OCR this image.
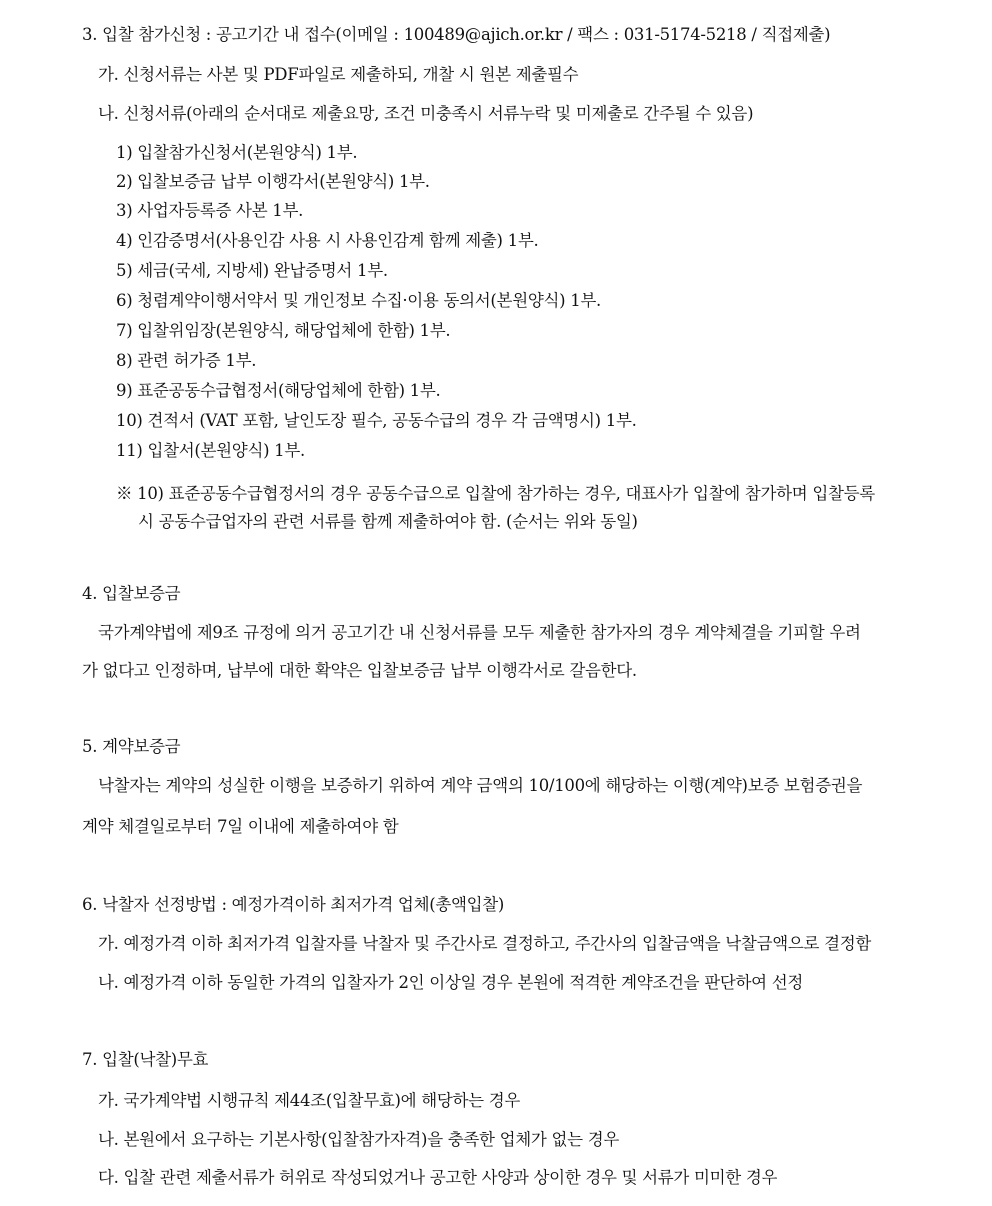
3. 입찰 참가신청 : 공고기간 내 접수(이메일 : 100489@ajich.or.kr / 팩스 : 031-5174-5218 / 직접제출)
가. 신청서류는 사본 및 PDF파일로 제출하되, 개찰 시 원본 제출필수
나. 신청서류(아래의 순서대로 제출요망, 조건 미충족시 서류누락 및 미제출로 간주될 수 있음)
1) 입찰참가신청서(본원양식) 1부.
2) 입찰보증금 납부 이행각서(본원양식) 1부.
3) 사업자등록증 사본 1부.
4) 인감증명서(사용인감 사용 시 사용인감계 함께 제출) 1부.
5) 세금(국세, 지방세) 완납증명서 1부.
6) 청렴계약이행서약서 및 개인정보 수집·이용 동의서(본원양식) 1부.
7) 입찰위임장(본원양식, 해당업체에 한함) 1부.
8) 관련 허가증 1부.
9) 표준공동수급협정서(해당업체에 한함) 1부.
10) 견적서 (VAT 포함, 날인도장 필수, 공동수급의 경우 각 금액명시) 1부.
11) 입찰서(본원양식) 1부.
※ 10) 표준공동수급협정서의 경우 공동수급으로 입찰에 참가하는 경우, 대표사가 입찰에 참가하며 입찰등록
시 공동수급업자의 관련 서류를 함께 제출하여야 함. (순서는 위와 동일)
4. 입찰보증금
국가계약법에 제9조 규정에 의거 공고기간 내 신청서류를 모두 제출한 참가자의 경우 계약체결을 기피할 우려
가 없다고 인정하며, 납부에 대한 확약은 입찰보증금 납부 이행각서로 갈음한다.
5. 계약보증금
낙찰자는 계약의 성실한 이행을 보증하기 위하여 계약 금액의 10/100에 해당하는 이행(계약)보증 보험증권을
계약 체결일로부터 7일 이내에 제출하여야 함
6. 낙찰자 선정방법 : 예정가격이하 최저가격 업체(총액입찰)
가. 예정가격 이하 최저가격 입찰자를 낙찰자 및 주간사로 결정하고, 주간사의 입찰금액을 낙찰금액으로 결정함
나. 예정가격 이하 동일한 가격의 입찰자가 2인 이상일 경우 본원에 적격한 계약조건을 판단하여 선정
7. 입찰(낙찰)무효
가. 국가계약법 시행규칙 제44조(입찰무효)에 해당하는 경우
나. 본원에서 요구하는 기본사항(입찰참가자격)을 충족한 업체가 없는 경우
다. 입찰 관련 제출서류가 허위로 작성되었거나 공고한 사양과 상이한 경우 및 서류가 미미한 경우
